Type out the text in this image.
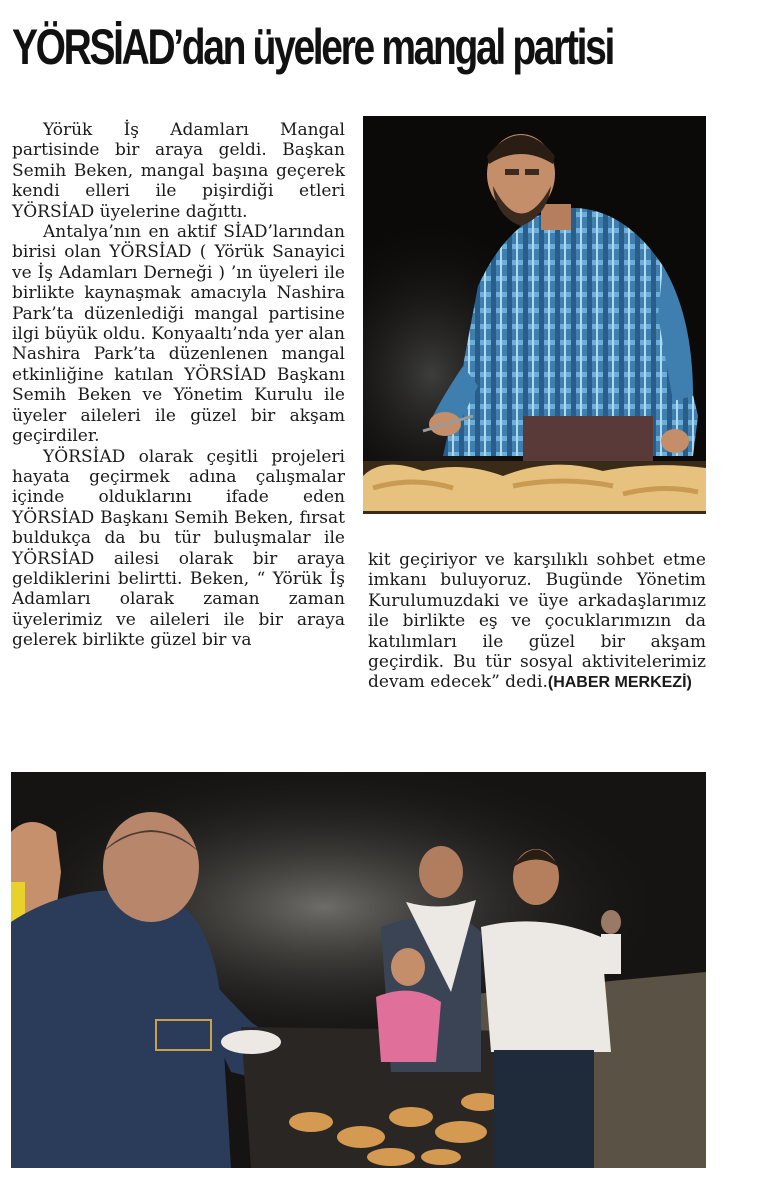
YÖRSİAD’dan üyelere mangal partisi

Yörük İş Adamları Mangal partisinde bir araya geldi. Başkan Semih Beken, mangal başına geçerek kendi elleri ile pişirdiği etleri YÖRSİAD üyelerine dağıttı.

Antalya’nın en aktif SİAD’larından birisi olan YÖRSİAD ( Yörük Sanayici ve İş Adamları Derneği ) ’ın üyeleri ile birlikte kaynaşmak amacıyla Nashira Park’ta düzenlediği mangal partisine ilgi büyük oldu. Konyaaltı’nda yer alan Nashira Park’ta düzenlenen mangal etkinliğine katılan YÖRSİAD Başkanı Semih Beken ve Yönetim Kurulu ile üyeler aileleri ile güzel bir akşam geçirdiler.

YÖRSİAD olarak çeşitli projeleri hayata geçirmek adına çalışmalar içinde olduklarını ifade eden YÖRSİAD Başkanı Semih Beken, fırsat buldukça da bu tür buluşmalar ile YÖRSİAD ailesi olarak bir araya geldiklerini belirtti. Beken, “ Yörük İş Adamları olarak zaman zaman üyelerimiz ve aileleri ile bir araya gelerek birlikte güzel bir va

kit geçiriyor ve karşılıklı sohbet etme imkanı buluyoruz. Bugünde Yönetim Kurulumuzdaki ve üye arkadaşlarımız ile birlikte eş ve çocuklarımızın da katılımları ile güzel bir akşam geçirdik. Bu tür sosyal aktivitelerimiz devam edecek” dedi.(HABER MERKEZİ)
